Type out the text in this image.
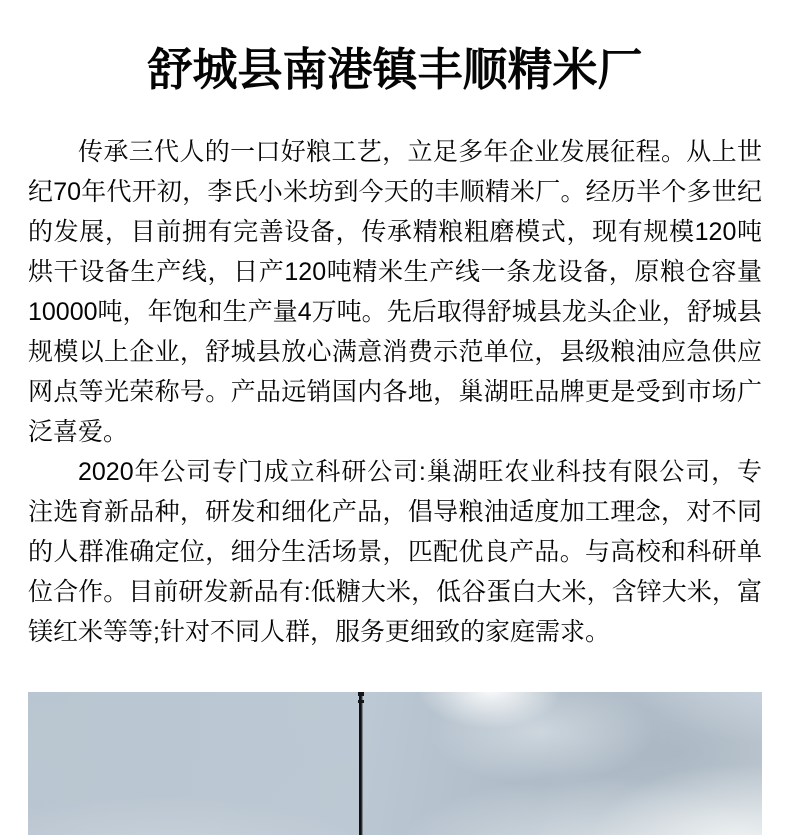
舒城县南港镇丰顺精米厂

传承三代人的一口好粮工艺，立足多年企业发展征程。从上世纪70年代开初，李氏小米坊到今天的丰顺精米厂。经历半个多世纪的发展，目前拥有完善设备，传承精粮粗磨模式，现有规模120吨烘干设备生产线，日产120吨精米生产线一条龙设备，原粮仓容量10000吨，年饱和生产量4万吨。先后取得舒城县龙头企业，舒城县规模以上企业，舒城县放心满意消费示范单位，县级粮油应急供应网点等光荣称号。产品远销国内各地，巢湖旺品牌更是受到市场广泛喜爱。

2020年公司专门成立科研公司:巢湖旺农业科技有限公司，专注选育新品种，研发和细化产品，倡导粮油适度加工理念，对不同的人群准确定位，细分生活场景，匹配优良产品。与高校和科研单位合作。目前研发新品有:低糖大米，低谷蛋白大米，含锌大米，富镁红米等等;针对不同人群，服务更细致的家庭需求。
